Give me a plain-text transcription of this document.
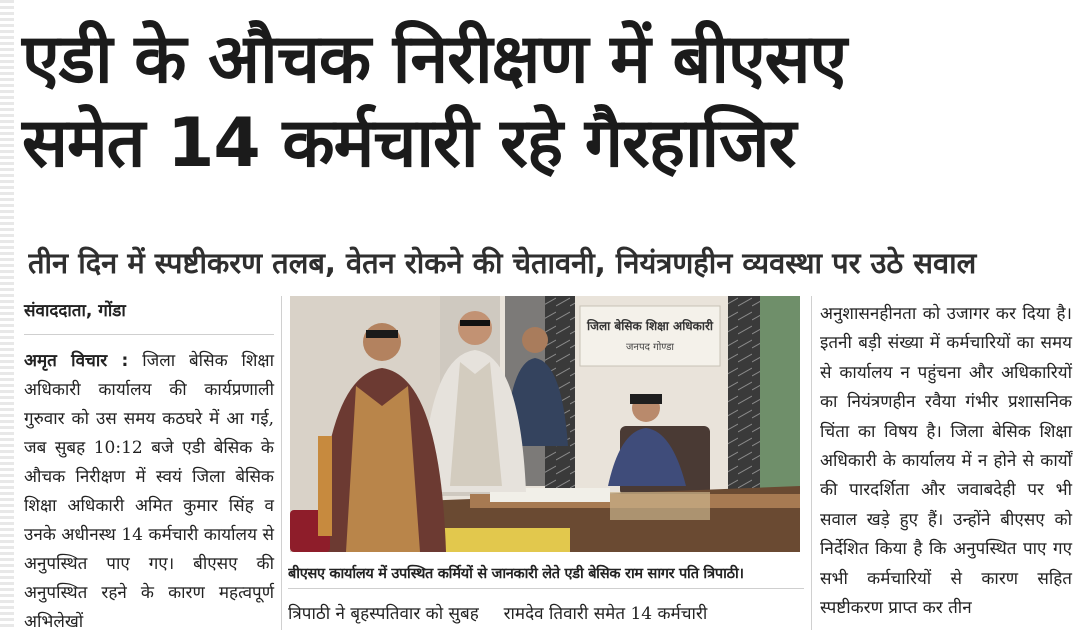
एडी के औचक निरीक्षण में बीएसए
समेत 14 कर्मचारी रहे गैरहाजिर
तीन दिन में स्पष्टीकरण तलब, वेतन रोकने की चेतावनी, नियंत्रणहीन व्यवस्था पर उठे सवाल
संवाददाता, गोंडा

अमृत विचार : जिला बेसिक शिक्षा अधिकारी कार्यालय की कार्यप्रणाली गुरुवार को उस समय कठघरे में आ गई, जब सुबह 10:12 बजे एडी बेसिक के औचक निरीक्षण में स्वयं जिला बेसिक शिक्षा अधिकारी अमित कुमार सिंह व उनके अधीनस्थ 14 कर्मचारी कार्यालय से अनुपस्थित पाए गए। बीएसए की अनुपस्थित रहने के कारण महत्वपूर्ण अभिलेखों

जिला बेसिक शिक्षा अधिकारी
जनपद गोण्डा
बीएसए कार्यालय में उपस्थित कर्मियों से जानकारी लेते एडी बेसिक राम सागर पति त्रिपाठी।
त्रिपाठी ने बृहस्पतिवार को सुबह रामदेव तिवारी समेत 14 कर्मचारी

अनुशासनहीनता को उजागर कर दिया है। इतनी बड़ी संख्या में कर्मचारियों का समय से कार्यालय न पहुंचना और अधिकारियों का नियंत्रणहीन रवैया गंभीर प्रशासनिक चिंता का विषय है। जिला बेसिक शिक्षा अधिकारी के कार्यालय में न होने से कार्यों की पारदर्शिता और जवाबदेही पर भी सवाल खड़े हुए हैं। उन्होंने बीएसए को निर्देशित किया है कि अनुपस्थित पाए गए सभी कर्मचारियों से कारण सहित स्पष्टीकरण प्राप्त कर तीन
